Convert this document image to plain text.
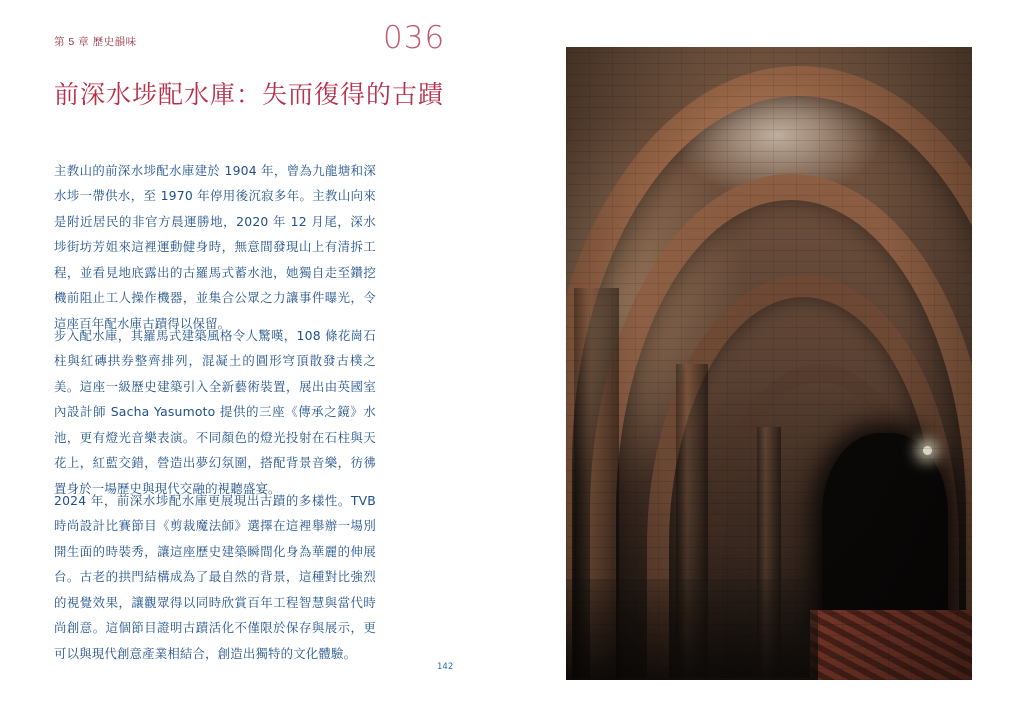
第 5 章 歷史韻味	036
前深水埗配水庫：失而復得的古蹟
主教山的前深水埗配水庫建於 1904 年，曾為九龍塘和深水埗一帶供水，至 1970 年停用後沉寂多年。主教山向來是附近居民的非官方晨運勝地，2020 年 12 月尾，深水埗街坊芳姐來這裡運動健身時，無意間發現山上有清拆工程，並看見地底露出的古羅馬式蓄水池，她獨自走至鑽挖機前阻止工人操作機器，並集合公眾之力讓事件曝光，令這座百年配水庫古蹟得以保留。
步入配水庫，其羅馬式建築風格令人驚嘆，108 條花崗石柱與紅磚拱券整齊排列，混凝土的圓形穹頂散發古樸之美。這座一級歷史建築引入全新藝術裝置，展出由英國室內設計師 Sacha Yasumoto 提供的三座《傳承之鏡》水池，更有燈光音樂表演。不同顏色的燈光投射在石柱與天花上，紅藍交錯，營造出夢幻氛圍，搭配背景音樂，彷彿置身於一場歷史與現代交融的視聽盛宴。
2024 年，前深水埗配水庫更展現出古蹟的多樣性。TVB 時尚設計比賽節目《剪裁魔法師》選擇在這裡舉辦一場別開生面的時裝秀，讓這座歷史建築瞬間化身為華麗的伸展台。古老的拱門結構成為了最自然的背景，這種對比強烈的視覺效果，讓觀眾得以同時欣賞百年工程智慧與當代時尚創意。這個節目證明古蹟活化不僅限於保存與展示，更可以與現代創意產業相結合，創造出獨特的文化體驗。
142
